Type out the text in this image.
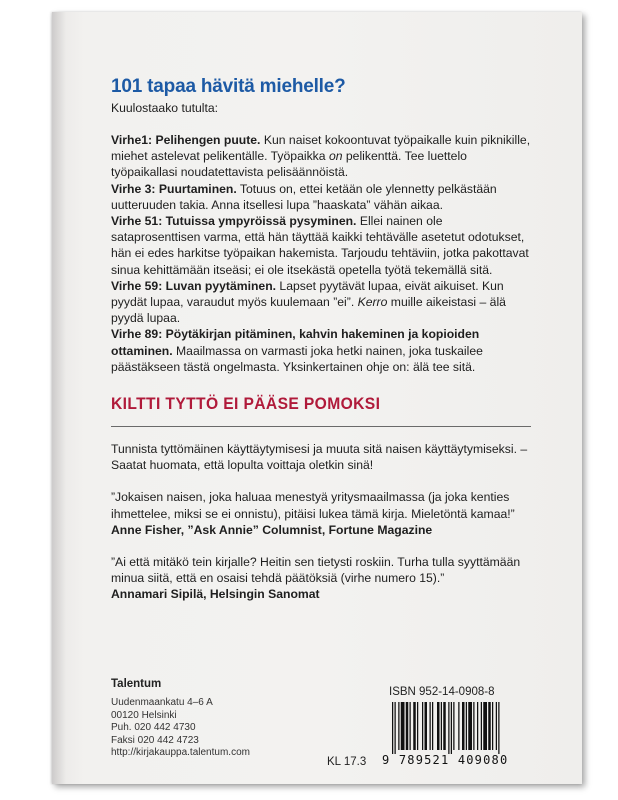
101 tapaa hävitä miehelle?
Kuulostaako tutulta:

Virhe1: Pelihengen puute. Kun naiset kokoontuvat työpaikalle kuin piknikille, miehet astelevat pelikentälle. Työpaikka on pelikenttä. Tee luettelo työpaikallasi noudatettavista pelisäännöistä.

Virhe 3: Puurtaminen. Totuus on, ettei ketään ole ylennetty pelkästään uutteruuden takia. Anna itsellesi lupa ”haaskata” vähän aikaa.

Virhe 51: Tutuissa ympyröissä pysyminen. Ellei nainen ole sataprosenttisen varma, että hän täyttää kaikki tehtävälle asetetut odotukset, hän ei edes harkitse työpaikan hakemista. Tarjoudu tehtäviin, jotka pakottavat sinua kehittämään itseäsi; ei ole itsekästä opetella työtä tekemällä sitä.

Virhe 59: Luvan pyytäminen. Lapset pyytävät lupaa, eivät aikuiset. Kun pyydät lupaa, varaudut myös kuulemaan ”ei”. Kerro muille aikeistasi – älä pyydä lupaa.

Virhe 89: Pöytäkirjan pitäminen, kahvin hakeminen ja kopioiden ottaminen. Maailmassa on varmasti joka hetki nainen, joka tuskailee päästäkseen tästä ongelmasta. Yksinkertainen ohje on: älä tee sitä.

KILTTI TYTTÖ EI PÄÄSE POMOKSI

Tunnista tyttömäinen käyttäytymisesi ja muuta sitä naisen käyttäytymiseksi. – Saatat huomata, että lopulta voittaja oletkin sinä!

”Jokaisen naisen, joka haluaa menestyä yritysmaailmassa (ja joka kenties ihmettelee, miksi se ei onnistu), pitäisi lukea tämä kirja. Mieletöntä kamaa!”

Anne Fisher, ”Ask Annie” Columnist, Fortune Magazine

”Ai että mitäkö tein kirjalle? Heitin sen tietysti roskiin. Turha tulla syyttämään minua siitä, että en osaisi tehdä päätöksiä (virhe numero 15).”

Annamari Sipilä, Helsingin Sanomat

Talentum
Uudenmaankatu 4–6 A
00120 Helsinki
Puh. 020 442 4730
Faksi 020 442 4723
http://kirjakauppa.talentum.com
ISBN 952-14-0908-8
9 789521 409080
KL 17.3
